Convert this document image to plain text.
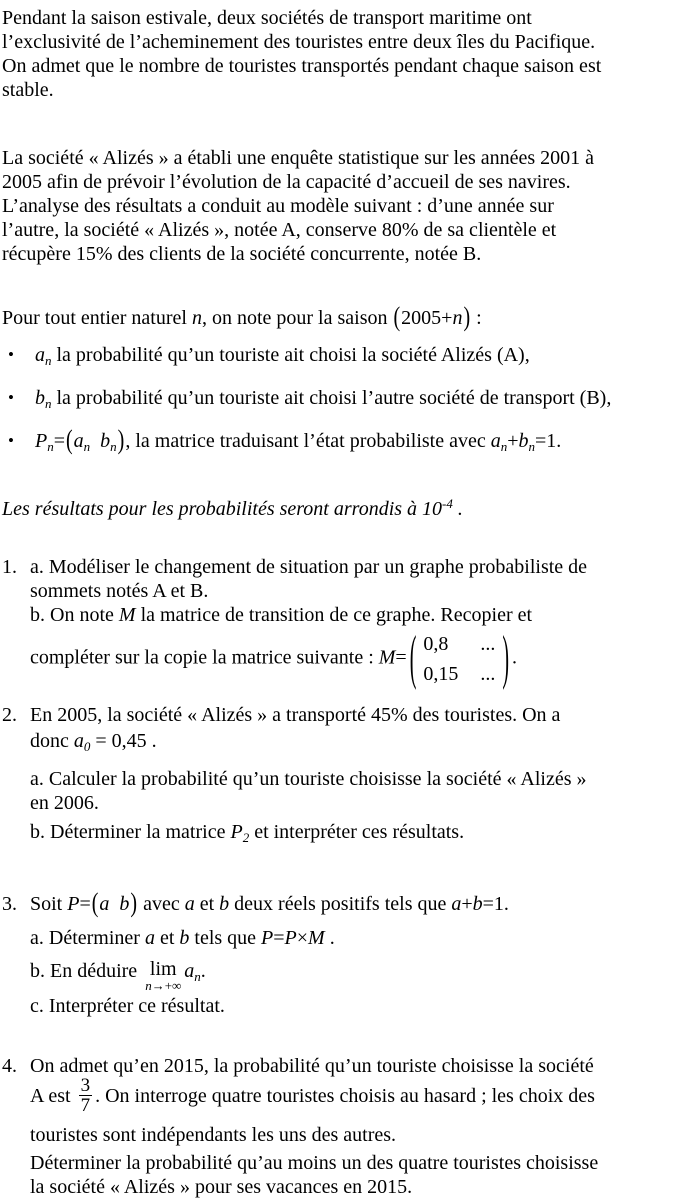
Pendant la saison estivale, deux sociétés de transport maritime ont
l’exclusivité de l’acheminement des touristes entre deux îles du Pacifique.
On admet que le nombre de touristes transportés pendant chaque saison est
stable.
La société « Alizés » a établi une enquête statistique sur les années 2001 à
2005 afin de prévoir l’évolution de la capacité d’accueil de ses navires.
L’analyse des résultats a conduit au modèle suivant : d’une année sur
l’autre, la société « Alizés », notée A, conserve 80% de sa clientèle et
récupère 15% des clients de la société concurrente, notée B.
Pour tout entier naturel n, on note pour la saison (2005+n) :
•	$a_n$ la probabilité qu’un touriste ait choisi la société Alizés (A),
•	$b_n$ la probabilité qu’un touriste ait choisi l’autre société de transport (B),
•	$P_n=(a_n$ $b_n$), la matrice traduisant l’état probabiliste avec $a_n+b_n=1$.
Les résultats pour les probabilités seront arrondis à $10^{-4}$ .
1. a. Modéliser le changement de situation par un graphe probabiliste de
sommets notés A et B.
b. On note M la matrice de transition de ce graphe. Recopier et
compléter sur la copie la matrice suivante : M= ( 0,8 ...
0,15 ... ) .
2. En 2005, la société « Alizés » a transporté 45% des touristes. On a
donc $a_0 = 0,45$ .
a. Calculer la probabilité qu’un touriste choisisse la société « Alizés »
en 2006.
b. Déterminer la matrice $P_2$ et interpréter ces résultats.
3. Soit P=(a b) avec a et b deux réels positifs tels que a+b=1.
a. Déterminer a et b tels que P=P×M .
b. En déduire lim
n→+∞
$a_n$.
c. Interpréter ce résultat.
4. On admet qu’en 2015, la probabilité qu’un touriste choisisse la société
A est $\frac{3}{7}$ . On interroge quatre touristes choisis au hasard ; les choix des
touristes sont indépendants les uns des autres.
Déterminer la probabilité qu’au moins un des quatre touristes choisisse
la société « Alizés » pour ses vacances en 2015.
